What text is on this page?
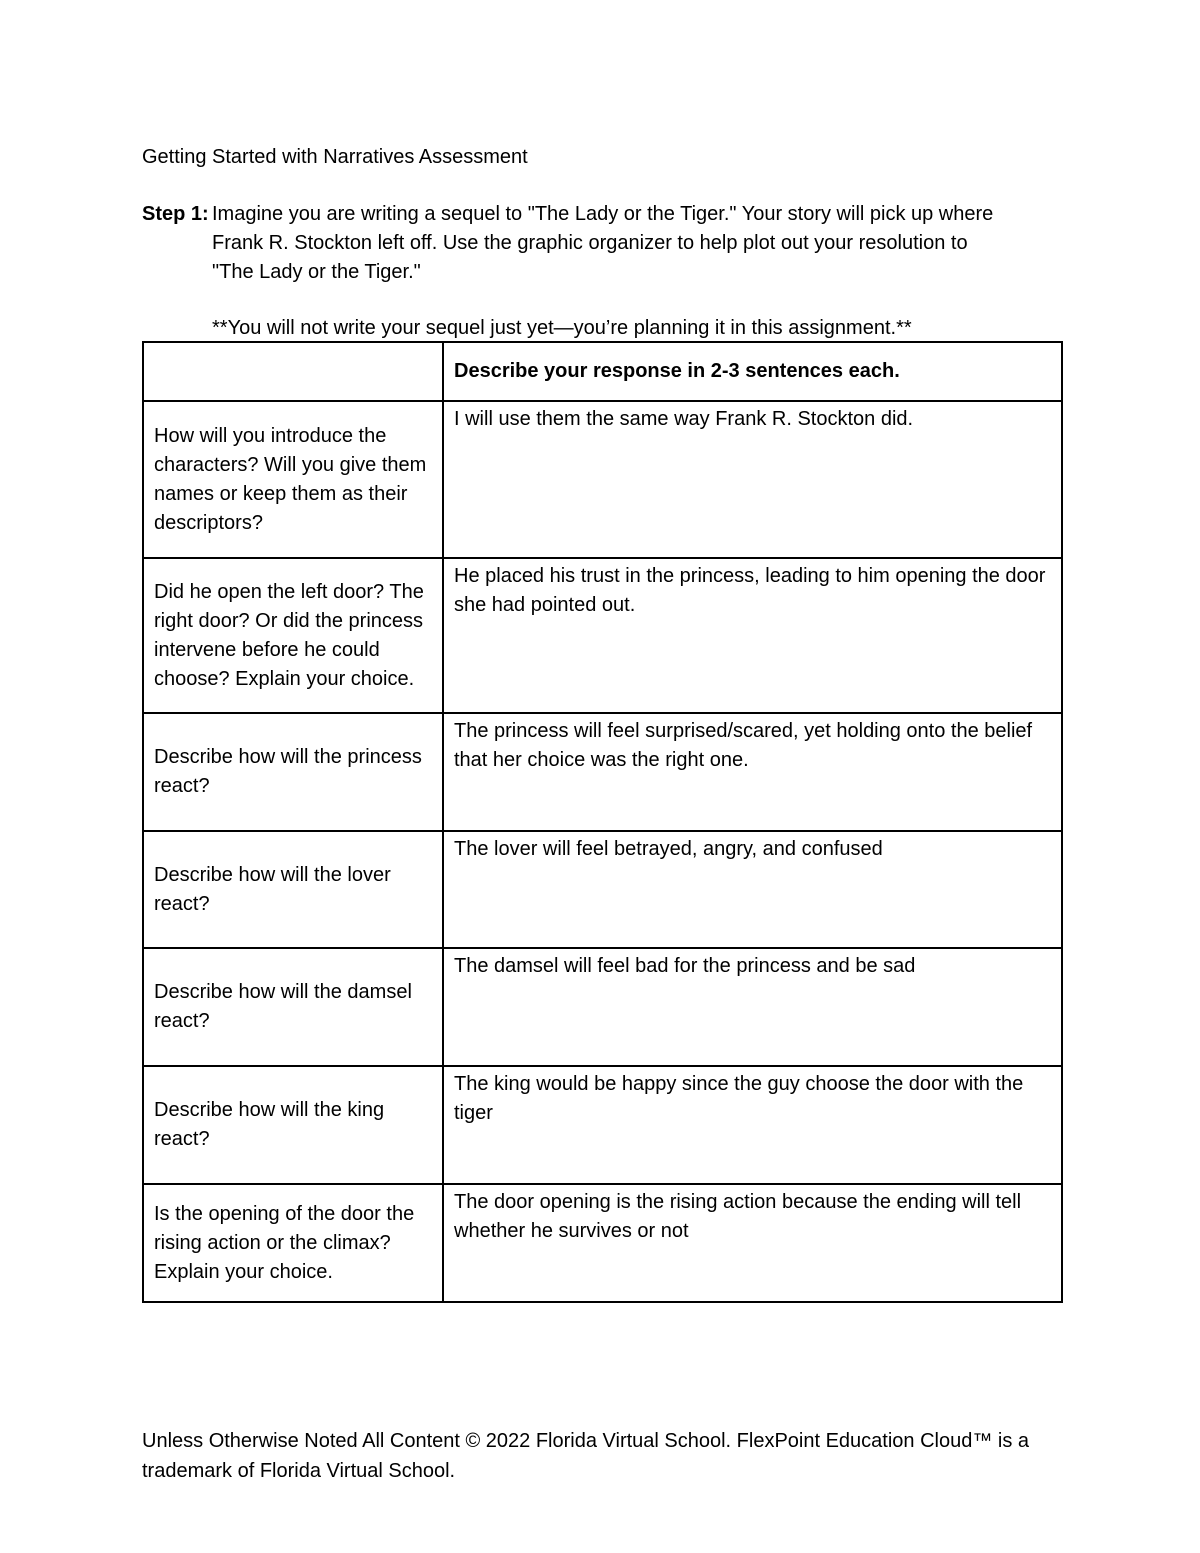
Getting Started with Narratives Assessment
Step 1: Imagine you are writing a sequel to "The Lady or the Tiger." Your story will pick up where
Frank R. Stockton left off. Use the graphic organizer to help plot out your resolution to
"The Lady or the Tiger."
**You will not write your sequel just yet—you’re planning it in this assignment.**
	Describe your response in 2-3 sentences each.
How will you introduce the characters? Will you give them names or keep them as their descriptors?	I will use them the same way Frank R. Stockton did.
Did he open the left door? The right door? Or did the princess intervene before he could choose? Explain your choice.	He placed his trust in the princess, leading to him opening the door she had pointed out.
Describe how will the princess react?	The princess will feel surprised/scared, yet holding onto the belief that her choice was the right one.
Describe how will the lover react?	The lover will feel betrayed, angry, and confused
Describe how will the damsel react?	The damsel will feel bad for the princess and be sad
Describe how will the king react?	The king would be happy since the guy choose the door with the tiger
Is the opening of the door the rising action or the climax? Explain your choice.	The door opening is the rising action because the ending will tell whether he survives or not
Unless Otherwise Noted All Content © 2022 Florida Virtual School. FlexPoint Education Cloud™ is a trademark of Florida Virtual School.
